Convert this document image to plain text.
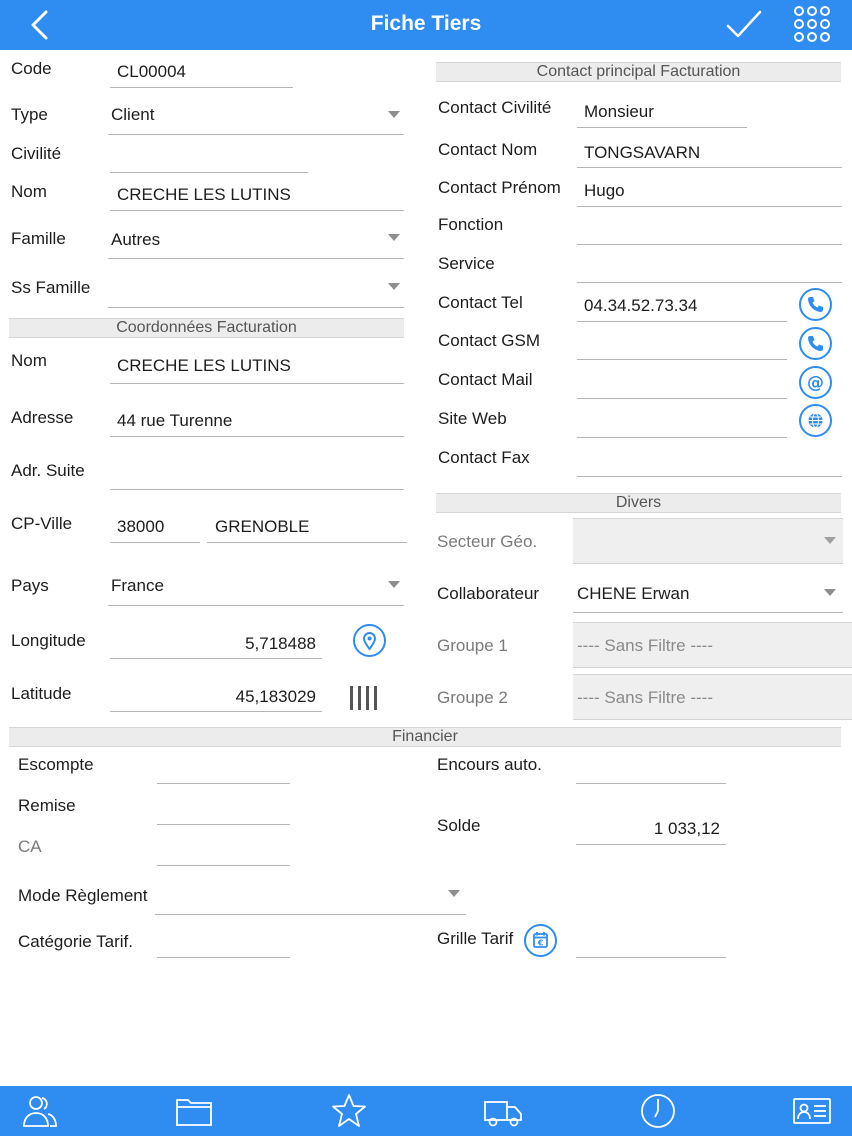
Fiche Tiers
Code	CL00004
Type	Client
Civilité
Nom	CRECHE LES LUTINS
Famille	Autres
Ss Famille
Coordonnées Facturation
Nom	CRECHE LES LUTINS
Adresse	44 rue Turenne
Adr. Suite
CP-Ville	38000	GRENOBLE
Pays	France
Longitude	5,718488
Latitude	45,183029
Contact principal Facturation
Contact Civilité Monsieur
Contact Nom	TONGSAVARN
Contact Prénom Hugo
Fonction
Service
Contact Tel	04.34.52.73.34
Contact GSM
Contact Mail	@
Site Web
Contact Fax
Divers
Secteur Géo.
Collaborateur CHENE Erwan
Groupe 1	---- Sans Filtre ----
Groupe 2	---- Sans Filtre ----
Financier
Escompte
Remise
CA
Mode Règlement
Catégorie Tarif.
Encours auto.
Solde	1 033,12
Grille Tarif	€
